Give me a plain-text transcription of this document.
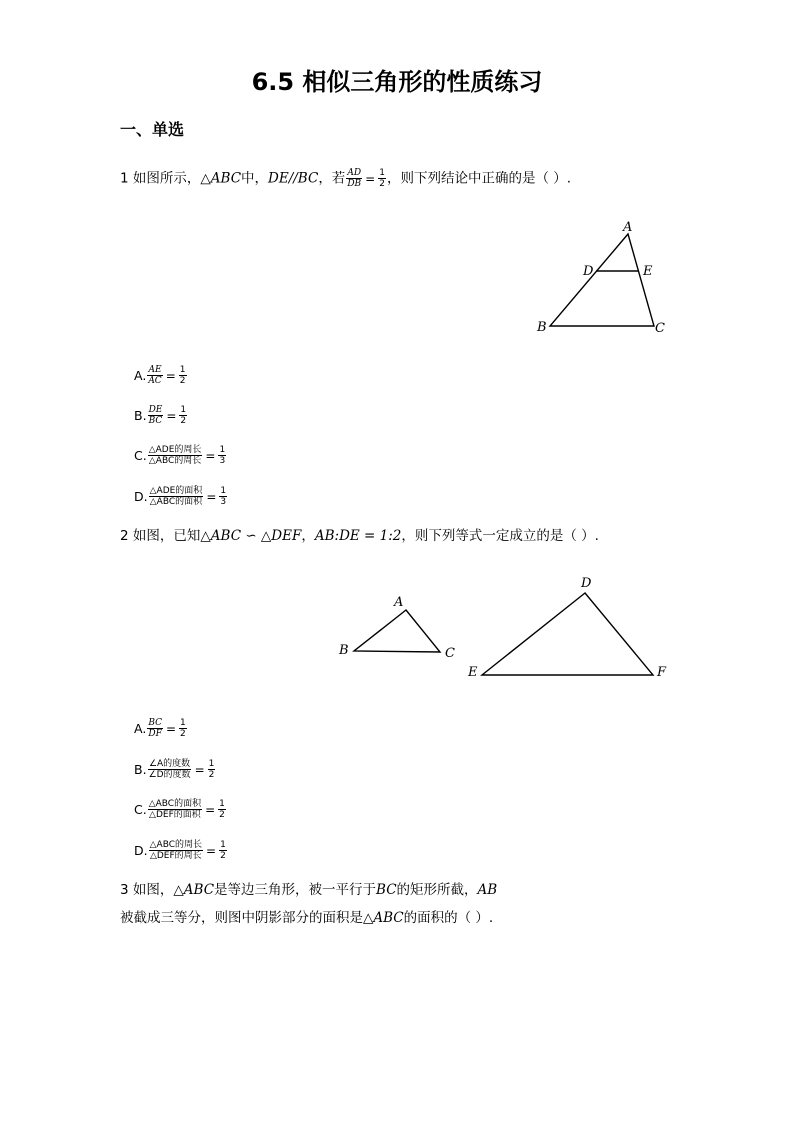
6.5 相似三角形的性质练习
一、单选
1 如图所示，△ABC中，DE//BC，若 $\frac{AD}{DB} = \frac{1}{2}$ ，则下列结论中正确的是（ ）.
A
D	E
B	C
A. $\frac{AE}{AC} = \frac{1}{2}$
B. $\frac{DE}{BC} = \frac{1}{2}$
C. $\frac{\text{△ADE的周长}}{\text{△ABC的周长}} = \frac{1}{3}$
D. $\frac{\text{△ADE的面积}}{\text{△ABC的面积}} = \frac{1}{3}$
2 如图，已知△ABC ∽ △DEF，AB:DE = 1:2，则下列等式一定成立的是（ ）.
A
B	C
D
E	F
A. $\frac{BC}{DF} = \frac{1}{2}$
B. $\frac{\text{∠A的度数}}{\text{∠D的度数}} = \frac{1}{2}$
C. $\frac{\text{△ABC的面积}}{\text{△DEF的面积}} = \frac{1}{2}$
D. $\frac{\text{△ABC的周长}}{\text{△DEF的周长}} = \frac{1}{2}$
3 如图，△ABC是等边三角形，被一平行于BC的矩形所截，AB
被截成三等分，则图中阴影部分的面积是△ABC的面积的（ ）.
